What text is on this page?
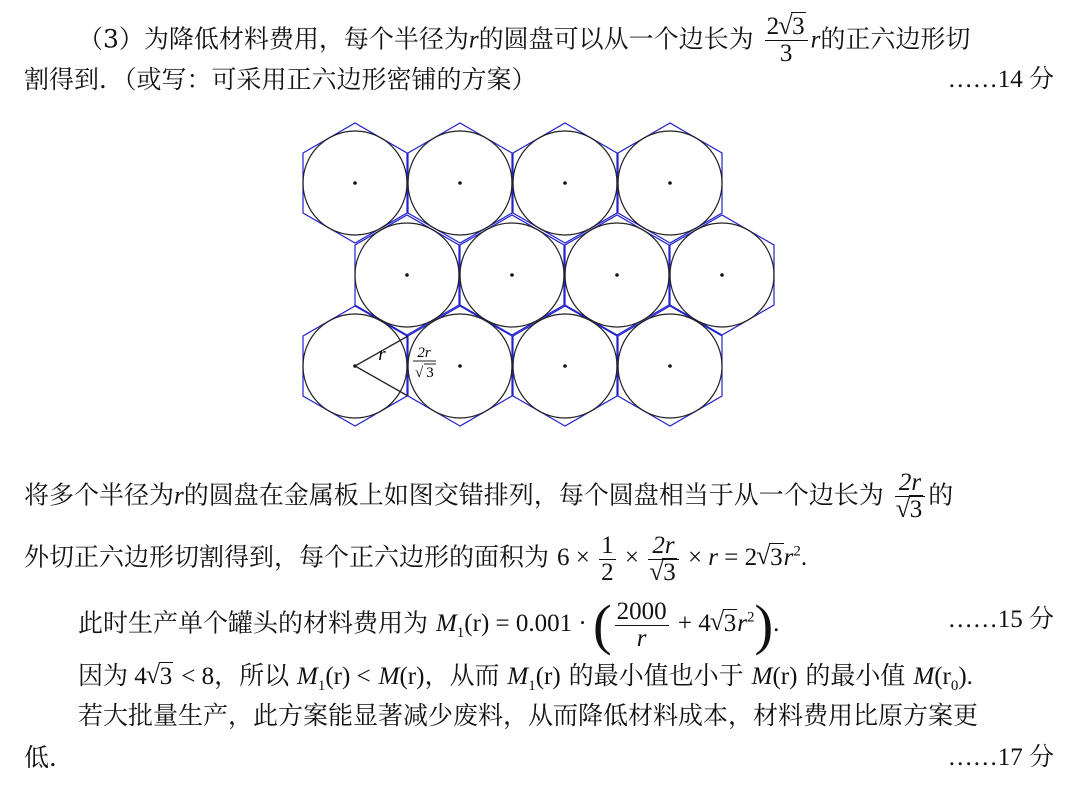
（3）为降低材料费用，每个半径为r的圆盘可以从一个边长为 $\frac{2√ 3}{3}$ r的正六边形切
割得到．（或写：可采用正六边形密铺的方案）	……14 分
r 2r
√ 3
将多个半径为r的圆盘在金属板上如图交错排列，每个圆盘相当于从一个边长为 2r
√ 3 的
外切正六边形切割得到，每个正六边形的面积为 $6 \times \frac{1}{2} \times 2r$
√ 3 × r = 2√ $3r^2$.
此时生产单个罐头的材料费用为 $M_1(r) = 0.001$ · ( $\frac{2000}{r} + 4√$ $3r^2$).	……15 分
因为 4√ 3 < 8，所以 $M_1(r) < M(r)$，从而 $M_1(r)$ 的最小值也小于 M(r) 的最小值 $M(r_0)$.
若大批量生产，此方案能显著减少废料，从而降低材料成本，材料费用比原方案更
低．	……17 分
